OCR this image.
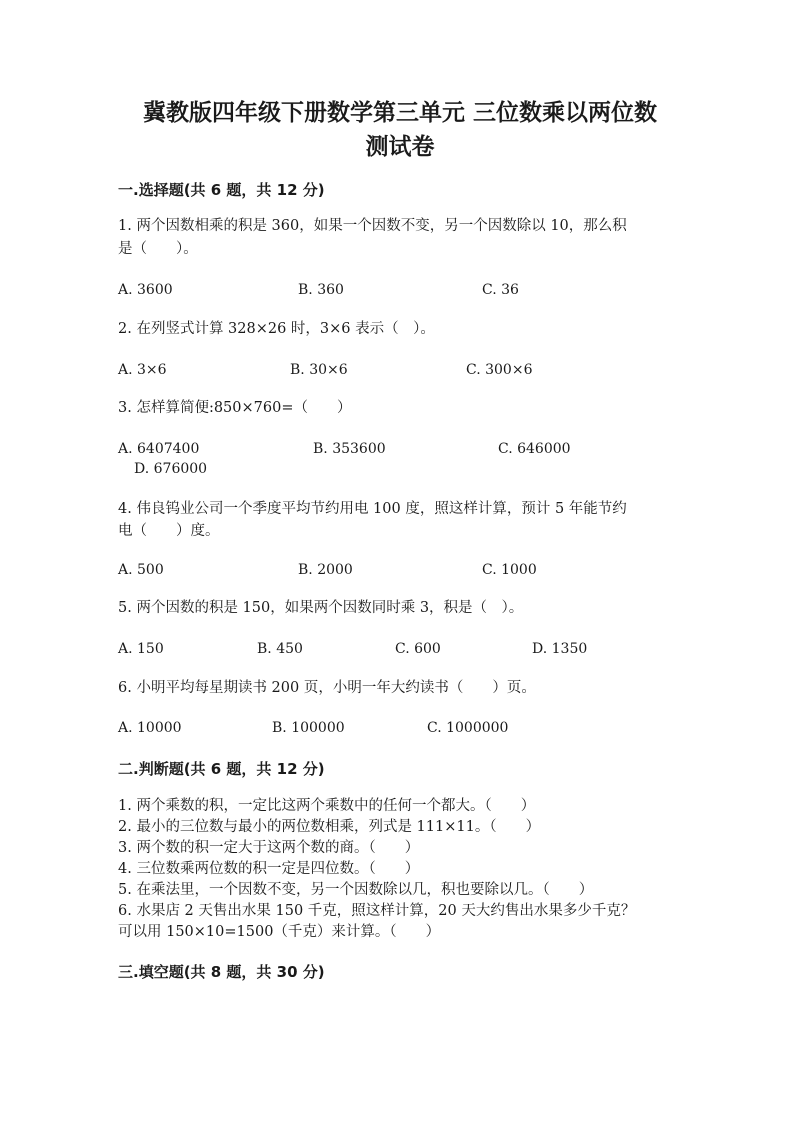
冀教版四年级下册数学第三单元 三位数乘以两位数
测试卷
一.选择题(共 6 题，共 12 分)
1. 两个因数相乘的积是 360，如果一个因数不变，另一个因数除以 10，那么积
是（　　）。
A. 3600	B. 360	C. 36
2. 在列竖式计算 328×26 时，3×6 表示（　）。
A. 3×6	B. 30×6	C. 300×6
3. 怎样算简便:850×760=（　　）
A. 6407400	B. 353600	C. 646000
D. 676000
4. 伟良钨业公司一个季度平均节约用电 100 度，照这样计算，预计 5 年能节约
电（　　）度。
A. 500	B. 2000	C. 1000
5. 两个因数的积是 150，如果两个因数同时乘 3，积是（　）。
A. 150	B. 450	C. 600	D. 1350
6. 小明平均每星期读书 200 页，小明一年大约读书（　　）页。
A. 10000	B. 100000	C. 1000000
二.判断题(共 6 题，共 12 分)
1. 两个乘数的积，一定比这两个乘数中的任何一个都大。（　　）
2. 最小的三位数与最小的两位数相乘，列式是 111×11。（　　）
3. 两个数的积一定大于这两个数的商。（　　）
4. 三位数乘两位数的积一定是四位数。（　　）
5. 在乘法里，一个因数不变，另一个因数除以几，积也要除以几。（　　）
6. 水果店 2 天售出水果 150 千克，照这样计算，20 天大约售出水果多少千克？
可以用 150×10=1500（千克）来计算。（　　）
三.填空题(共 8 题，共 30 分)
